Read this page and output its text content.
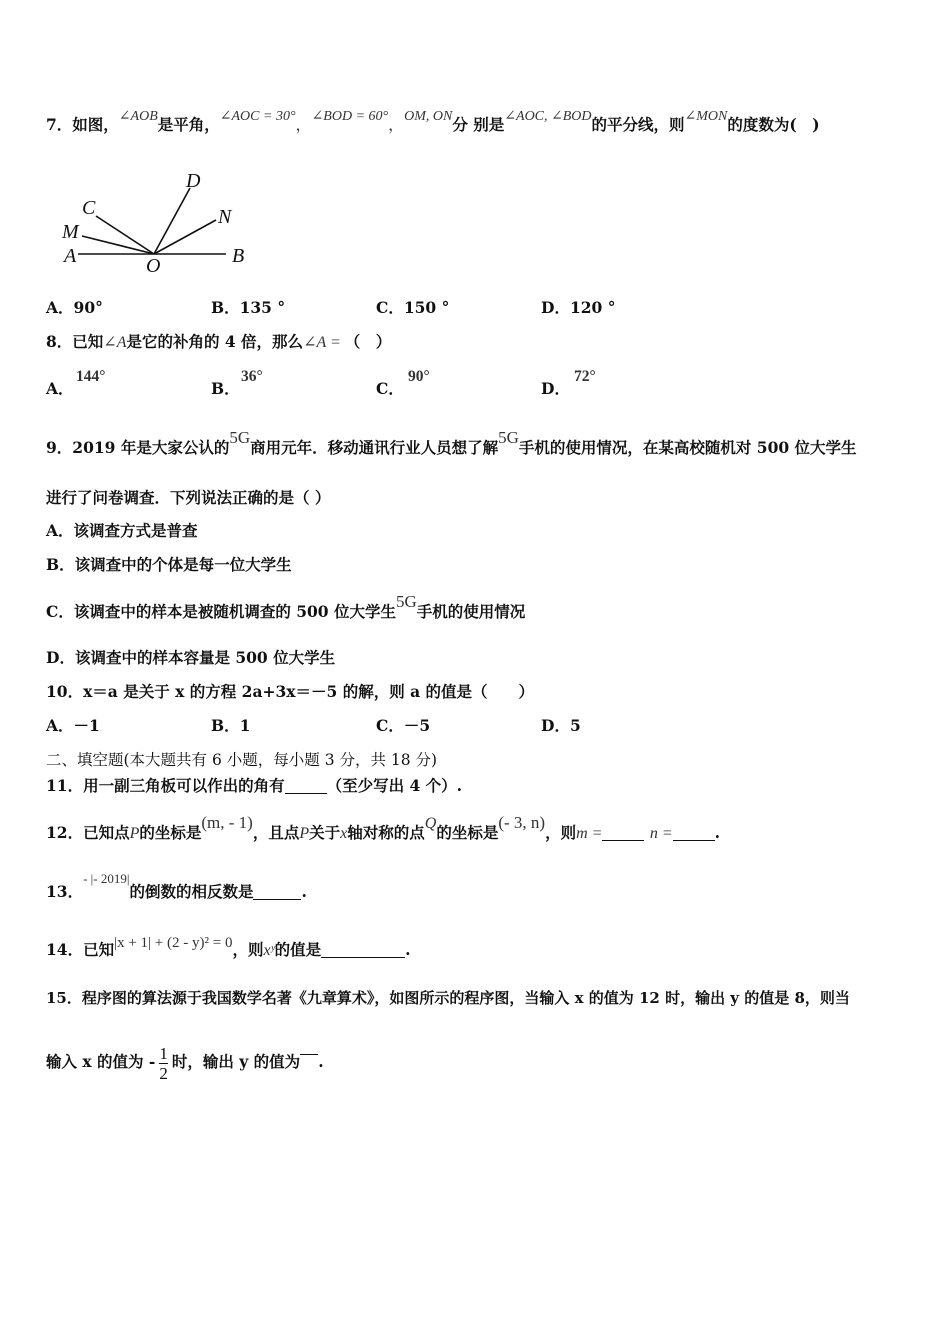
7．如图，∠AOB是平角，∠AOC = 30°，∠BOD = 60°，OM, ON分 别是∠AOC, ∠BOD的平分线，则∠MON的度数为(　)
D
C	N
M
A	O	B
A．90°	B．135 °	C．150 °	D．120 °
8．已知∠A是它的补角的 4 倍，那么∠A = （　）
A．
144°
B．
36°
C．
90°
D．
72°
9．2019 年是大家公认的5G商用元年．移动通讯行业人员想了解5G手机的使用情况，在某高校随机对 500 位大学生
进行了问卷调查．下列说法正确的是（ ）
A．该调查方式是普查
B．该调查中的个体是每一位大学生
C．该调查中的样本是被随机调查的 500 位大学生5G手机的使用情况
D．该调查中的样本容量是 500 位大学生
10．x＝a 是关于 x 的方程 2a+3x＝－5 的解，则 a 的值是（　　）
A．－1	B．1	C．－5	D．5
二、填空题(本大题共有 6 小题，每小题 3 分，共 18 分)
11．用一副三角板可以作出的角有	（至少写出 4 个）.
12．已知点P的坐标是(m, - 1)，且点P关于x轴对称的点Q的坐标是(- 3, n)，则m =	n =	.
13．$^{- |- 2019|}$的倒数的相反数是	.
14．已知|x + 1| + (2 - y)² = 0，则xʸ的值是	.
15．程序图的算法源于我国数学名著《九章算术》，如图所示的程序图，当输入 x 的值为 12 时，输出 y 的值是 8，则当
输入 x 的值为 - $\frac{1}{2}$ 时，输出 y 的值为 .
